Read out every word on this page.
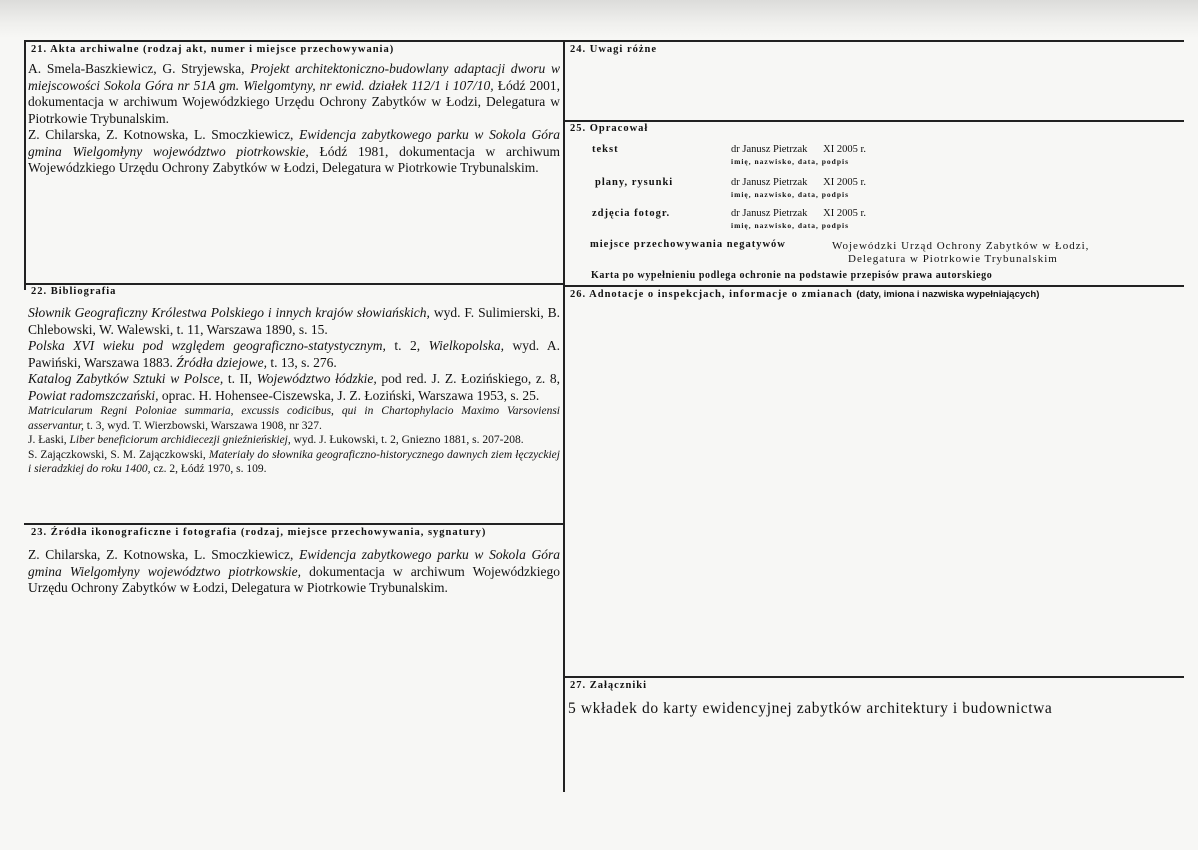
21. Akta archiwalne (rodzaj akt, numer i miejsce przechowywania)

A. Smela-Baszkiewicz, G. Stryjewska, Projekt architektoniczno-budowlany adaptacji dworu w miejscowości Sokola Góra nr 51A gm. Wielgomtyny, nr ewid. działek 112/1 i 107/10, Łódź 2001, dokumentacja w archiwum Wojewódzkiego Urzędu Ochrony Zabytków w Łodzi, Delegatura w Piotrkowie Trybunalskim.

Z. Chilarska, Z. Kotnowska, L. Smoczkiewicz, Ewidencja zabytkowego parku w Sokola Góra gmina Wielgomłyny województwo piotrkowskie, Łódź 1981, dokumentacja w archiwum Wojewódzkiego Urzędu Ochrony Zabytków w Łodzi, Delegatura w Piotrkowie Trybunalskim.

22. Bibliografia

Słownik Geograficzny Królestwa Polskiego i innych krajów słowiańskich, wyd. F. Sulimierski, B. Chlebowski, W. Walewski, t. 11, Warszawa 1890, s. 15.

Polska XVI wieku pod względem geograficzno-statystycznym, t. 2, Wielkopolska, wyd. A. Pawiński, Warszawa 1883. Źródła dziejowe, t. 13, s. 276.

Katalog Zabytków Sztuki w Polsce, t. II, Województwo łódzkie, pod red. J. Z. Łozińskiego, z. 8, Powiat radomszczański, oprac. H. Hohensee-Ciszewska, J. Z. Łoziński, Warszawa 1953, s. 25.

Matricularum Regni Poloniae summaria, excussis codicibus, qui in Chartophylacio Maximo Varsoviensi asservantur, t. 3, wyd. T. Wierzbowski, Warszawa 1908, nr 327.

J. Łaski, Liber beneficiorum archidiecezji gnieźnieńskiej, wyd. J. Łukowski, t. 2, Gniezno 1881, s. 207-208.

S. Zajączkowski, S. M. Zajączkowski, Materiały do słownika geograficzno-historycznego dawnych ziem łęczyckiej i sieradzkiej do roku 1400, cz. 2, Łódź 1970, s. 109.

23. Źródła ikonograficzne i fotografia (rodzaj, miejsce przechowywania, sygnatury)

Z. Chilarska, Z. Kotnowska, L. Smoczkiewicz, Ewidencja zabytkowego parku w Sokola Góra gmina Wielgomłyny województwo piotrkowskie, dokumentacja w archiwum Wojewódzkiego Urzędu Ochrony Zabytków w Łodzi, Delegatura w Piotrkowie Trybunalskim.

24. Uwagi różne
25. Opracował
tekst	dr Janusz Pietrzak      XI 2005 r.
imię, nazwisko, data, podpis
plany, rysunki	dr Janusz Pietrzak      XI 2005 r.
imię, nazwisko, data, podpis
zdjęcia fotogr.	dr Janusz Pietrzak      XI 2005 r.
imię, nazwisko, data, podpis
miejsce przechowywania negatywów	Wojewódzki Urząd Ochrony Zabytków w Łodzi,
Delegatura w Piotrkowie Trybunalskim
Karta po wypełnieniu podlega ochronie na podstawie przepisów prawa autorskiego
26. Adnotacje o inspekcjach, informacje o zmianach (daty, imiona i nazwiska wypełniających)
27. Załączniki
5 wkładek do karty ewidencyjnej zabytków architektury i budownictwa
